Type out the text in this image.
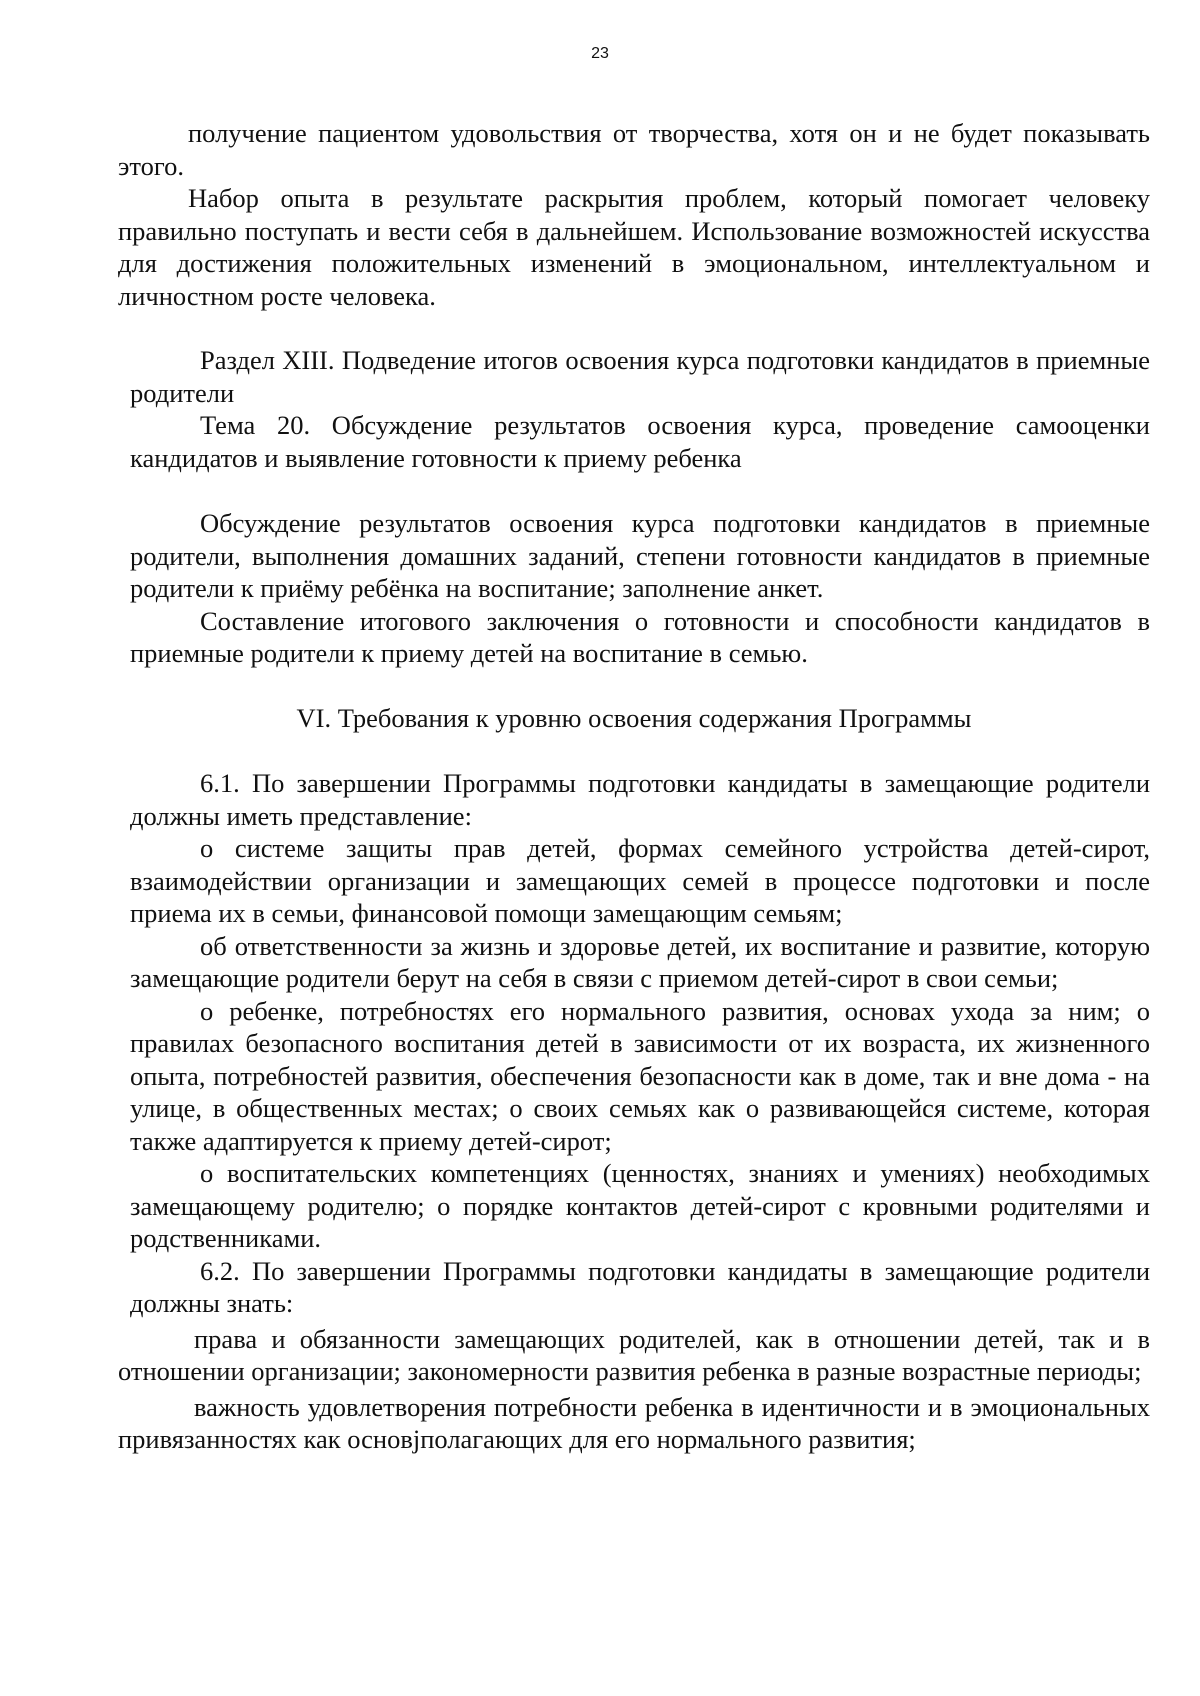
23

получение пациентом удовольствия от творчества, хотя он и не будет показывать этого.

Набор опыта в результате раскрытия проблем, который помогает человеку правильно поступать и вести себя в дальнейшем. Использование возможностей искусства для достижения положительных изменений в эмоциональном, интеллектуальном и личностном росте человека.

Раздел XIII. Подведение итогов освоения курса подготовки кандидатов в приемные родители

Тема 20. Обсуждение результатов освоения курса, проведение самооценки кандидатов и выявление готовности к приему ребенка

Обсуждение результатов освоения курса подготовки кандидатов в приемные родители, выполнения домашних заданий, степени готовности кандидатов в приемные родители к приёму ребёнка на воспитание; заполнение анкет.

Составление итогового заключения о готовности и способности кандидатов в приемные родители к приему детей на воспитание в семью.

VI. Требования к уровню освоения содержания Программы

6.1. По завершении Программы подготовки кандидаты в замещающие родители должны иметь представление:

о системе защиты прав детей, формах семейного устройства детей-сирот, взаимодействии организации и замещающих семей в процессе подготовки и после приема их в семьи, финансовой помощи замещающим семьям;

об ответственности за жизнь и здоровье детей, их воспитание и развитие, которую замещающие родители берут на себя в связи с приемом детей-сирот в свои семьи;

о ребенке, потребностях его нормального развития, основах ухода за ним; о правилах безопасного воспитания детей в зависимости от их возраста, их жизненного опыта, потребностей развития, обеспечения безопасности как в доме, так и вне дома - на улице, в общественных местах; о своих семьях как о развивающейся системе, которая также адаптируется к приему детей-сирот;

о воспитательских компетенциях (ценностях, знаниях и умениях) необходимых замещающему родителю; о порядке контактов детей-сирот с кровными родителями и родственниками.

6.2. По завершении Программы подготовки кандидаты в замещающие родители должны знать:

права и обязанности замещающих родителей, как в отношении детей, так и в отношении организации; закономерности развития ребенка в разные возрастные периоды;

важность удовлетворения потребности ребенка в идентичности и в эмоциональных привязанностях как основјполагающих для его нормального развития;
